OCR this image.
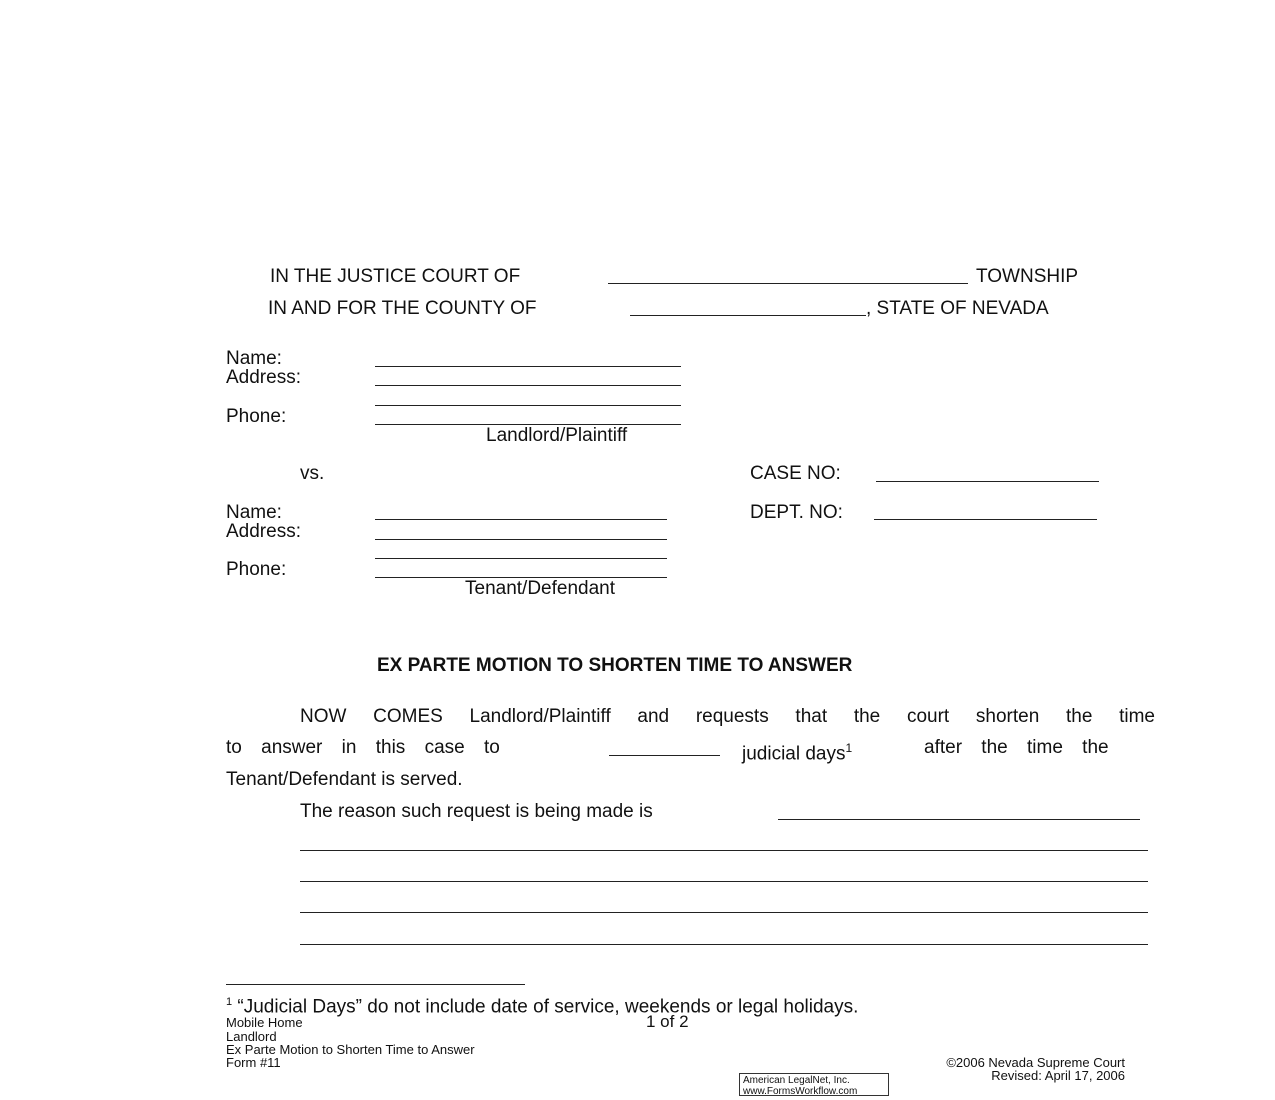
IN THE JUSTICE COURT OF	TOWNSHIP
IN AND FOR THE COUNTY OF	, STATE OF NEVADA
Name:
Address:
Phone:
Landlord/Plaintiff
vs.	CASE NO:
DEPT. NO:
Name:
Address:
Phone:
Tenant/Defendant
EX PARTE MOTION TO SHORTEN TIME TO ANSWER
NOW COMES Landlord/Plaintiff and requests that the court shorten the time
to answer in this case to	judicial days$^1$	after the time the
Tenant/Defendant is served.
The reason such request is being made is
$^1$ “Judicial Days” do not include date of service, weekends or legal holidays.
1 of 2
Mobile Home
Landlord
Ex Parte Motion to Shorten Time to Answer
Form #11	©2006 Nevada Supreme Court
Revised: April 17, 2006
American LegalNet, Inc.
www.FormsWorkflow.com
